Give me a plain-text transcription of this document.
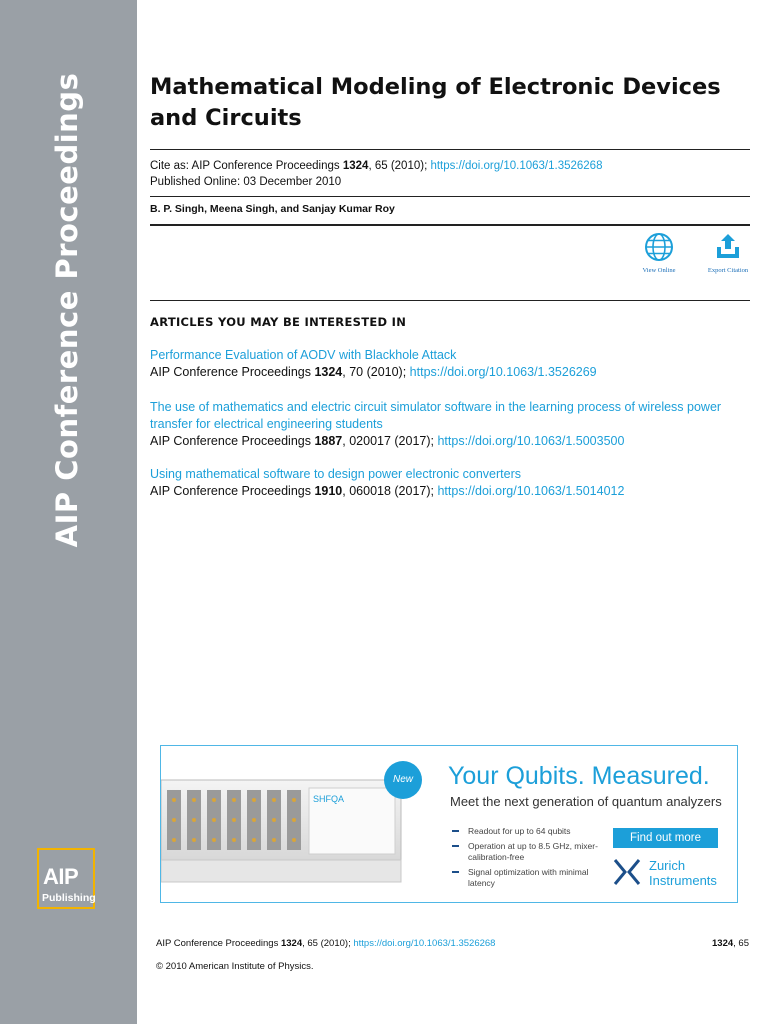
AIP Conference Proceedings
AIP
Publishing
Mathematical Modeling of Electronic Devices and Circuits
Cite as: AIP Conference Proceedings 1324, 65 (2010); https://doi.org/10.1063/1.3526268
Published Online: 03 December 2010
B. P. Singh, Meena Singh, and Sanjay Kumar Roy
View Online	Export Citation
ARTICLES YOU MAY BE INTERESTED IN
Performance Evaluation of AODV with Blackhole Attack
AIP Conference Proceedings 1324, 70 (2010); https://doi.org/10.1063/1.3526269
The use of mathematics and electric circuit simulator software in the learning process of wireless power transfer for electrical engineering students
AIP Conference Proceedings 1887, 020017 (2017); https://doi.org/10.1063/1.5003500
Using mathematical software to design power electronic converters
AIP Conference Proceedings 1910, 060018 (2017); https://doi.org/10.1063/1.5014012
SHFQA
New	Your Qubits. Measured.
Meet the next generation of quantum analyzers
Readout for up to 64 qubits
Operation at up to 8.5 GHz, mixer-calibration-free
Signal optimization with minimal latency
Find out more
Zurich
Instruments
AIP Conference Proceedings 1324, 65 (2010); https://doi.org/10.1063/1.3526268	1324, 65
© 2010 American Institute of Physics.
